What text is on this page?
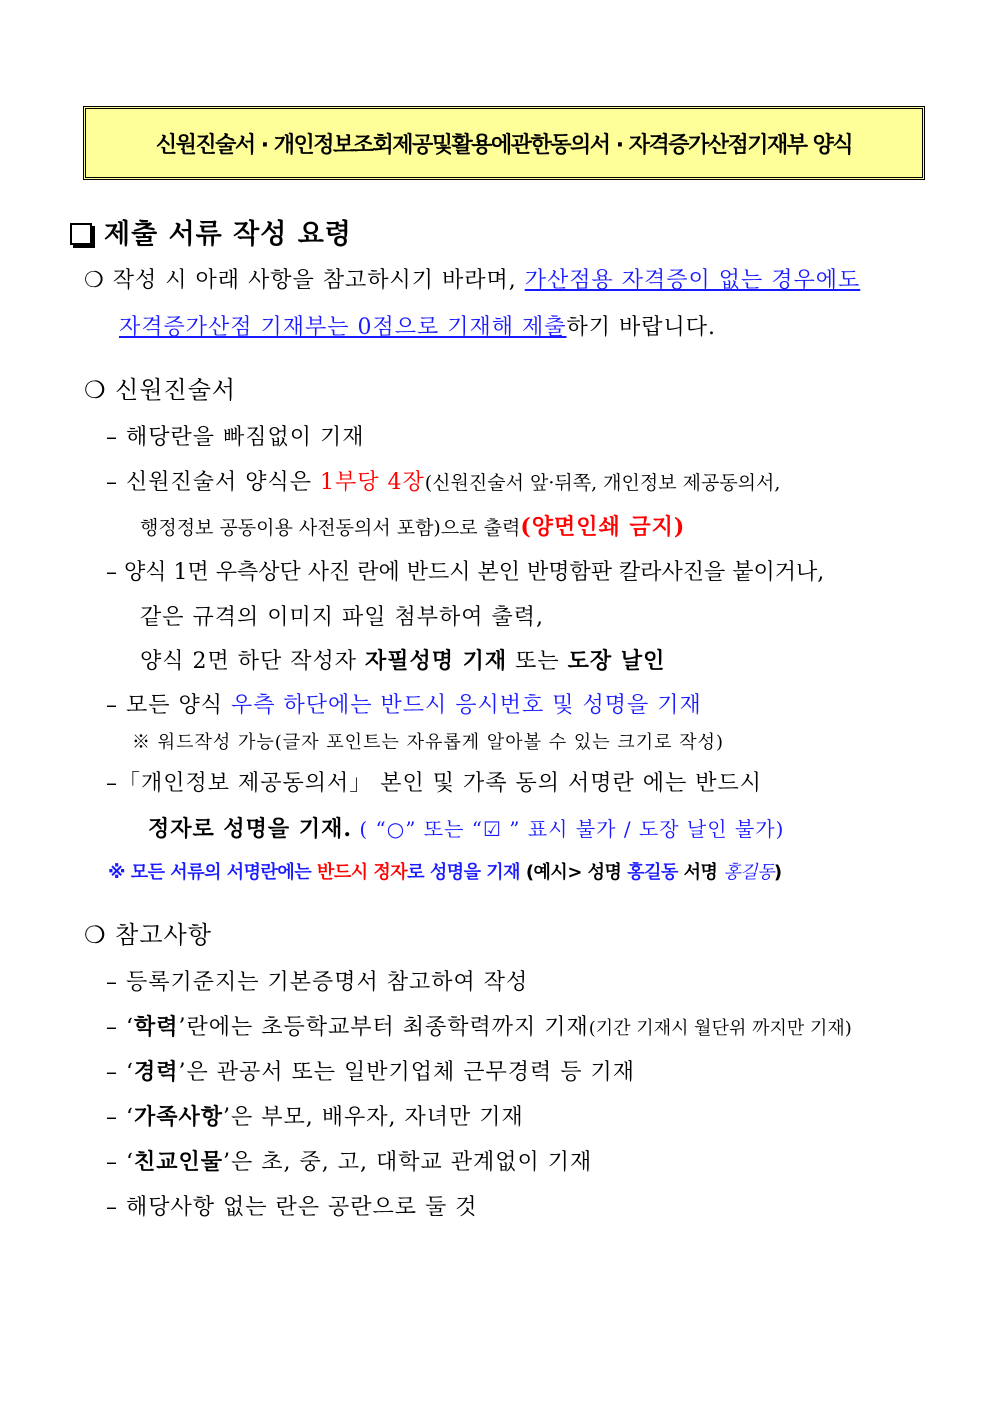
신원진술서 · 개인정보조회제공및활용에관한동의서 · 자격증가산점기재부 양식
제출 서류 작성 요령
❍ 작성 시 아래 사항을 참고하시기 바라며, 가산점용 자격증이 없는 경우에도
자격증가산점 기재부는 0점으로 기재해 제출하기 바랍니다.
❍ 신원진술서
– 해당란을 빠짐없이 기재
– 신원진술서 양식은 1부당 4장(신원진술서 앞·뒤쪽, 개인정보 제공동의서,
행정정보 공동이용 사전동의서 포함)으로 출력(양면인쇄 금지)
– 양식 1면 우측상단 사진 란에 반드시 본인 반명함판 칼라사진을 붙이거나,
같은 규격의 이미지 파일 첨부하여 출력,
양식 2면 하단 작성자 자필성명 기재 또는 도장 날인
– 모든 양식 우측 하단에는 반드시 응시번호 및 성명을 기재
※ 워드작성 가능(글자 포인트는 자유롭게 알아볼 수 있는 크기로 작성)
–「개인정보 제공동의서」 본인 및 가족 동의 서명란 에는 반드시
정자로 성명을 기재. ( “○” 또는 “☑ ” 표시 불가 / 도장 날인 불가)
※ 모든 서류의 서명란에는 반드시 정자로 성명을 기재 (예시> 성명 홍길동 서명 홍길동)
❍ 참고사항
– 등록기준지는 기본증명서 참고하여 작성
– ‘학력’란에는 초등학교부터 최종학력까지 기재(기간 기재시 월단위 까지만 기재)
– ‘경력’은 관공서 또는 일반기업체 근무경력 등 기재
– ‘가족사항’은 부모, 배우자, 자녀만 기재
– ‘친교인물’은 초, 중, 고, 대학교 관계없이 기재
– 해당사항 없는 란은 공란으로 둘 것
